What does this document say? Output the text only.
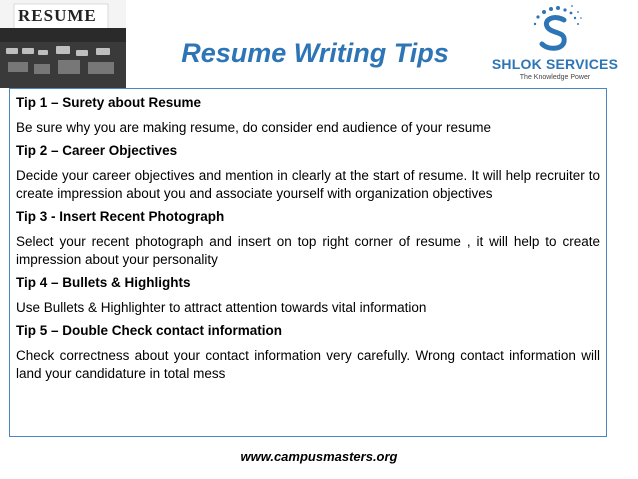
RESUME
Resume Writing Tips	SHLOK SERVICES
The Knowledge Power

Tip 1 – Surety about Resume

Be sure why you are making resume, do consider end audience of your resume

Tip 2 – Career Objectives

Decide your career objectives and mention in clearly at the start of resume. It will help recruiter to create impression about you and associate yourself with organization objectives

Tip 3 - Insert Recent Photograph

Select your recent photograph and insert on top right corner of resume , it will help to create impression about your personality

Tip 4 – Bullets & Highlights

Use Bullets & Highlighter to attract attention towards vital information

Tip 5 – Double Check contact information

Check correctness about your contact information very carefully. Wrong contact information will land your candidature in total mess

www.campusmasters.org
